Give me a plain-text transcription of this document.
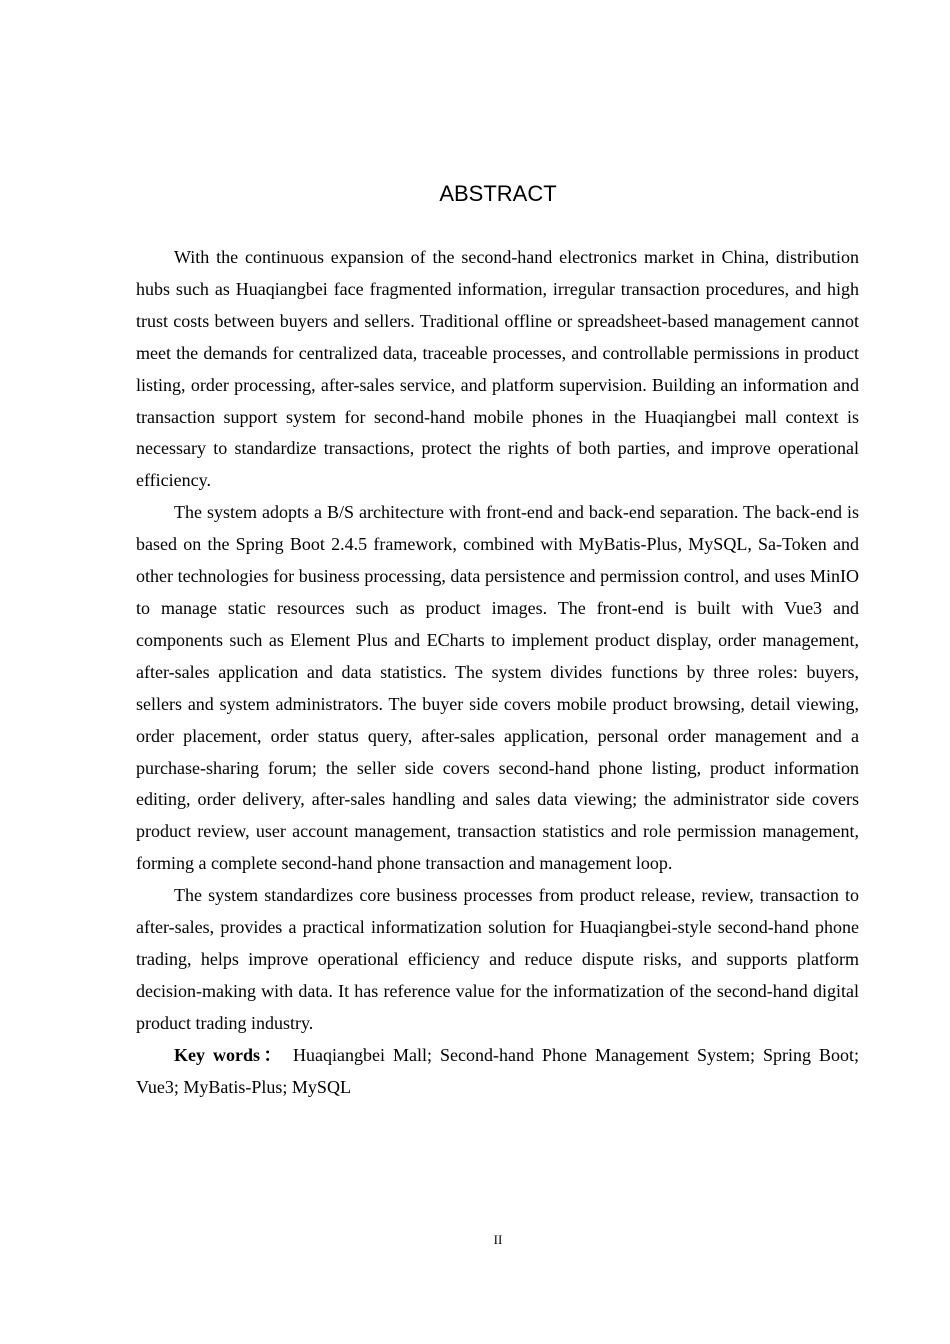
ABSTRACT

With the continuous expansion of the second-hand electronics market in China, distribution hubs such as Huaqiangbei face fragmented information, irregular transaction procedures, and high trust costs between buyers and sellers. Traditional offline or spreadsheet-based management cannot meet the demands for centralized data, traceable processes, and controllable permissions in product listing, order processing, after-sales service, and platform supervision. Building an information and transaction support system for second-hand mobile phones in the Huaqiangbei mall context is necessary to standardize transactions, protect the rights of both parties, and improve operational efficiency.

The system adopts a B/S architecture with front-end and back-end separation. The back-end is based on the Spring Boot 2.4.5 framework, combined with MyBatis-Plus, MySQL, Sa-Token and other technologies for business processing, data persistence and permission control, and uses MinIO to manage static resources such as product images. The front-end is built with Vue3 and components such as Element Plus and ECharts to implement product display, order management, after-sales application and data statistics. The system divides functions by three roles: buyers, sellers and system administrators. The buyer side covers mobile product browsing, detail viewing, order placement, order status query, after-sales application, personal order management and a purchase-sharing forum; the seller side covers second-hand phone listing, product information editing, order delivery, after-sales handling and sales data viewing; the administrator side covers product review, user account management, transaction statistics and role permission management, forming a complete second-hand phone transaction and management loop.

The system standardizes core business processes from product release, review, transaction to after-sales, provides a practical informatization solution for Huaqiangbei-style second-hand phone trading, helps improve operational efficiency and reduce dispute risks, and supports platform decision-making with data. It has reference value for the informatization of the second-hand digital product trading industry.

Key words： Huaqiangbei Mall; Second-hand Phone Management System; Spring Boot; Vue3; MyBatis-Plus; MySQL

II
